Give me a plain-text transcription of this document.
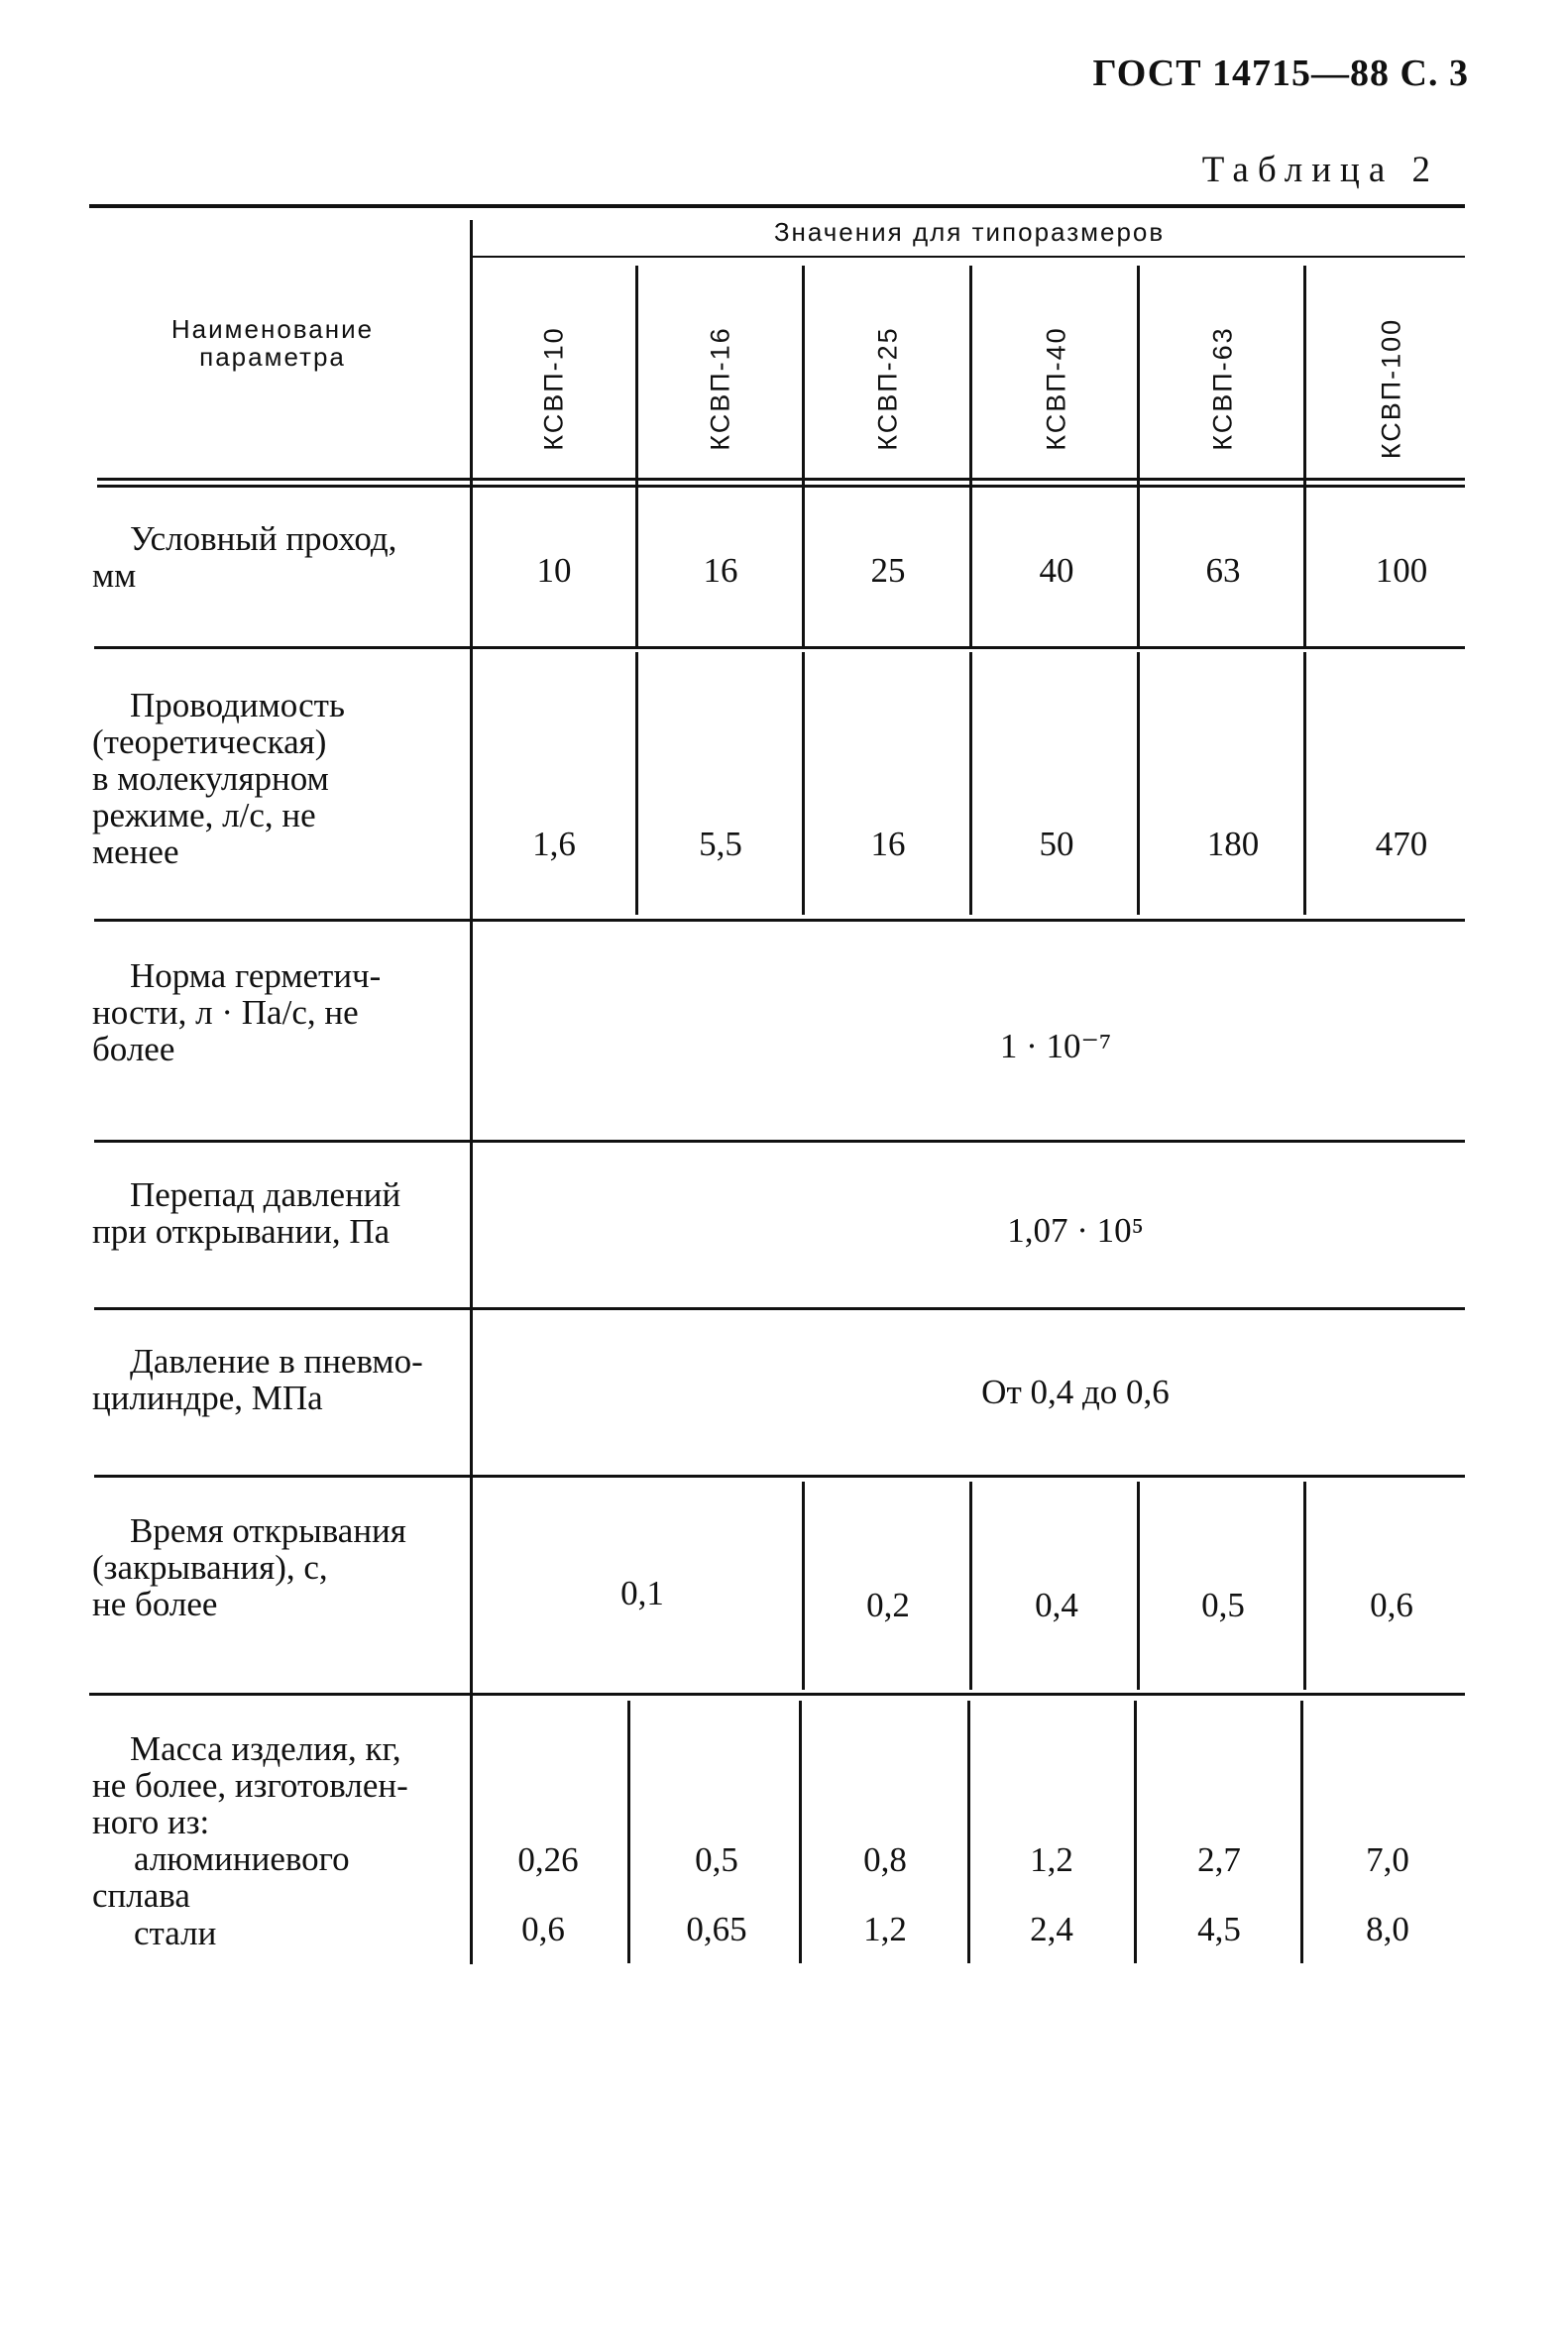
ГОСТ 14715—88 С. 3
Таблица 2
Наименование
параметра
Значения для типоразмеров
КСВП-10	КСВП-16	КСВП-25	КСВП-40	КСВП-63	КСВП-100
Условный проход,
мм	10	16	25	40	63	100
Проводимость
(теоретическая)
в молекулярном
режиме, л/с, не
менее	1,6	5,5	16	50	180	470
Норма герметич-
ности, л · Па/с, не
более	1 · 10⁻⁷
Перепад давлений
при открывании, Па	1,07 · 10⁵
Давление в пневмо-
цилиндре, МПа	От 0,4 до 0,6
Время открывания
(закрывания), с,
не более	0,1	0,2	0,4	0,5	0,6
Масса изделия, кг,
не более, изготовлен-
ного из:
алюминиевого
сплава
стали
0,26	0,5	0,8	1,2	2,7	7,0
0,6	0,65	1,2	2,4	4,5	8,0
